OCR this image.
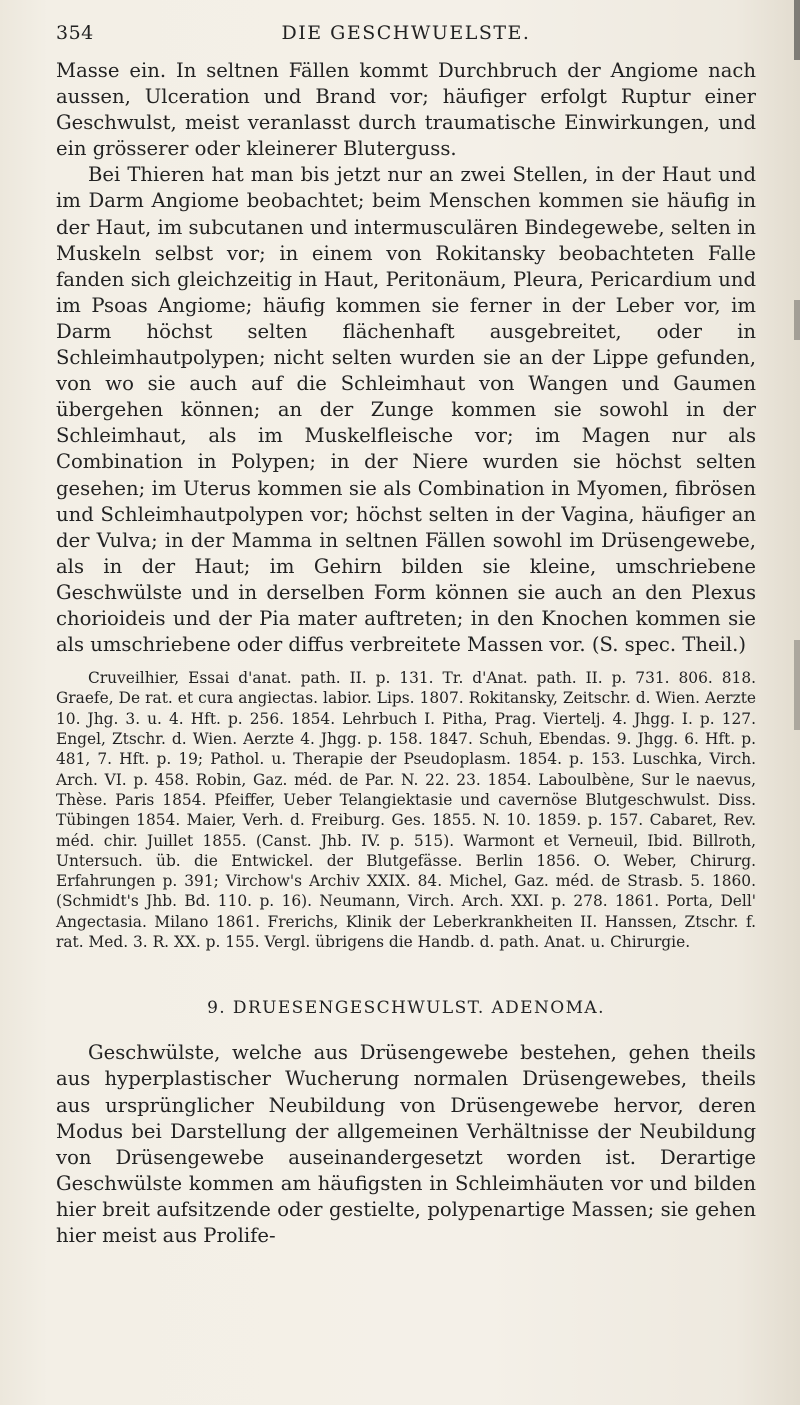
354	DIE GESCHWUELSTE.

Masse ein. In seltnen Fällen kommt Durchbruch der Angiome nach aussen, Ulceration und Brand vor; häufiger erfolgt Ruptur einer Geschwulst, meist veranlasst durch traumatische Einwirkungen, und ein grösserer oder kleinerer Bluterguss.

Bei Thieren hat man bis jetzt nur an zwei Stellen, in der Haut und im Darm Angiome beobachtet; beim Menschen kommen sie häufig in der Haut, im subcutanen und intermusculären Bindegewebe, selten in Muskeln selbst vor; in einem von Rokitansky beobachteten Falle fanden sich gleichzeitig in Haut, Peritonäum, Pleura, Pericardium und im Psoas Angiome; häufig kommen sie ferner in der Leber vor, im Darm höchst selten flächenhaft ausgebreitet, oder in Schleimhautpolypen; nicht selten wurden sie an der Lippe gefunden, von wo sie auch auf die Schleimhaut von Wangen und Gaumen übergehen können; an der Zunge kommen sie sowohl in der Schleimhaut, als im Muskelfleische vor; im Magen nur als Combination in Polypen; in der Niere wurden sie höchst selten gesehen; im Uterus kommen sie als Combination in Myomen, fibrösen und Schleimhautpolypen vor; höchst selten in der Vagina, häufiger an der Vulva; in der Mamma in seltnen Fällen sowohl im Drüsengewebe, als in der Haut; im Gehirn bilden sie kleine, umschriebene Geschwülste und in derselben Form können sie auch an den Plexus chorioideis und der Pia mater auftreten; in den Knochen kommen sie als umschriebene oder diffus verbreitete Massen vor. (S. spec. Theil.)

Cruveilhier, Essai d'anat. path. II. p. 131. Tr. d'Anat. path. II. p. 731. 806. 818. Graefe, De rat. et cura angiectas. labior. Lips. 1807. Rokitansky, Zeitschr. d. Wien. Aerzte 10. Jhg. 3. u. 4. Hft. p. 256. 1854. Lehrbuch I. Pitha, Prag. Viertelj. 4. Jhgg. I. p. 127. Engel, Ztschr. d. Wien. Aerzte 4. Jhgg. p. 158. 1847. Schuh, Ebendas. 9. Jhgg. 6. Hft. p. 481, 7. Hft. p. 19; Pathol. u. Therapie der Pseudoplasm. 1854. p. 153. Luschka, Virch. Arch. VI. p. 458. Robin, Gaz. méd. de Par. N. 22. 23. 1854. Laboulbène, Sur le naevus, Thèse. Paris 1854. Pfeiffer, Ueber Telangiektasie und cavernöse Blutgeschwulst. Diss. Tübingen 1854. Maier, Verh. d. Freiburg. Ges. 1855. N. 10. 1859. p. 157. Cabaret, Rev. méd. chir. Juillet 1855. (Canst. Jhb. IV. p. 515). Warmont et Verneuil, Ibid. Billroth, Untersuch. üb. die Entwickel. der Blutgefässe. Berlin 1856. O. Weber, Chirurg. Erfahrungen p. 391; Virchow's Archiv XXIX. 84. Michel, Gaz. méd. de Strasb. 5. 1860. (Schmidt's Jhb. Bd. 110. p. 16). Neumann, Virch. Arch. XXI. p. 278. 1861. Porta, Dell' Angectasia. Milano 1861. Frerichs, Klinik der Leberkrankheiten II. Hanssen, Ztschr. f. rat. Med. 3. R. XX. p. 155. Vergl. übrigens die Handb. d. path. Anat. u. Chirurgie.

9. DRUESENGESCHWULST. ADENOMA.

Geschwülste, welche aus Drüsengewebe bestehen, gehen theils aus hyperplastischer Wucherung normalen Drüsengewebes, theils aus ursprünglicher Neubildung von Drüsengewebe hervor, deren Modus bei Darstellung der allgemeinen Verhältnisse der Neubildung von Drüsengewebe auseinandergesetzt worden ist. Derartige Geschwülste kommen am häufigsten in Schleimhäuten vor und bilden hier breit aufsitzende oder gestielte, polypenartige Massen; sie gehen hier meist aus Prolife-
